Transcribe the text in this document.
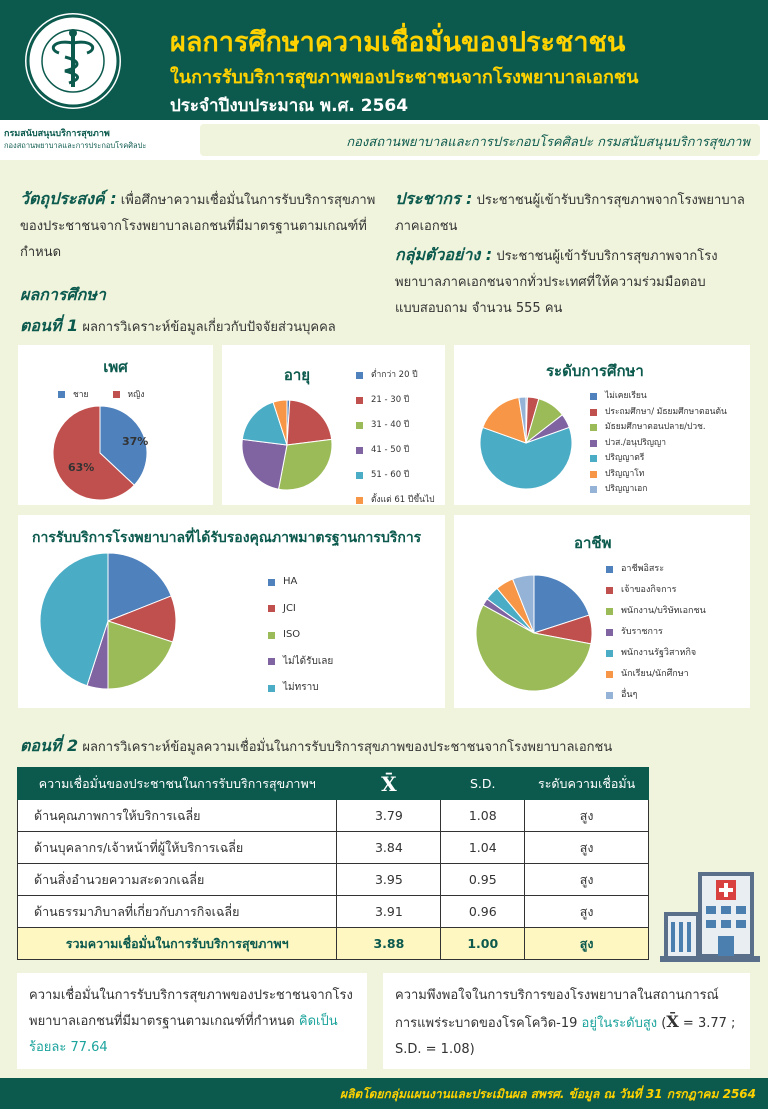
ผลการศึกษาความเชื่อมั่นของประชาชน
ในการรับบริการสุขภาพของประชาชนจากโรงพยาบาลเอกชน
ประจำปีงบประมาณ พ.ศ. 2564
กรมสนับสนุนบริการสุขภาพ
กองสถานพยาบาลและการประกอบโรคศิลปะ	กองสถานพยาบาลและการประกอบโรคศิลปะ กรมสนับสนุนบริการสุขภาพ
วัตถุประสงค์ : เพื่อศึกษาความเชื่อมั่นในการรับบริการสุขภาพของประชาชนจากโรงพยาบาลเอกชนที่มีมาตรฐานตามเกณฑ์ที่กำหนด
ประชากร : ประชาชนผู้เข้ารับบริการสุขภาพจากโรงพยาบาลภาคเอกชน
กลุ่มตัวอย่าง : ประชาชนผู้เข้ารับบริการสุขภาพจากโรงพยาบาลภาคเอกชนจากทั่วประเทศที่ให้ความร่วมมือตอบแบบสอบถาม จำนวน 555 คน
ผลการศึกษา
ตอนที่ 1 ผลการวิเคราะห์ข้อมูลเกี่ยวกับปัจจัยส่วนบุคคล
เพศ
ชาย	หญิง
37%
63%
อายุ	ต่ำกว่า 20 ปี
21 - 30 ปี
31 - 40 ปี
41 - 50 ปี
51 - 60 ปี
ตั้งแต่ 61 ปีขึ้นไป
ระดับการศึกษา
ไม่เคยเรียน
ประถมศึกษา/ มัธยมศึกษาตอนต้น
มัธยมศึกษาตอนปลาย/ปวช.
ปวส./อนุปริญญา
ปริญญาตรี
ปริญญาโท
ปริญญาเอก
การรับบริการโรงพยาบาลที่ได้รับรองคุณภาพมาตรฐานการบริการ
HA
JCI
ISO
ไม่ได้รับเลย
ไม่ทราบ
อาชีพ
อาชีพอิสระ
เจ้าของกิจการ
พนักงาน/บริษัทเอกชน
รับราชการ
พนักงานรัฐวิสาหกิจ
นักเรียน/นักศึกษา
อื่นๆ
ตอนที่ 2 ผลการวิเคราะห์ข้อมูลความเชื่อมั่นในการรับบริการสุขภาพของประชาชนจากโรงพยาบาลเอกชน
ความเชื่อมั่นของประชาชนในการรับบริการสุขภาพฯ	X̄	S.D.	ระดับความเชื่อมั่น
ด้านคุณภาพการให้บริการเฉลี่ย	3.79	1.08	สูง
ด้านบุคลากร/เจ้าหน้าที่ผู้ให้บริการเฉลี่ย	3.84	1.04	สูง
ด้านสิ่งอำนวยความสะดวกเฉลี่ย	3.95	0.95	สูง
ด้านธรรมาภิบาลที่เกี่ยวกับภารกิจเฉลี่ย	3.91	0.96	สูง
รวมความเชื่อมั่นในการรับบริการสุขภาพฯ	3.88	1.00	สูง
ความเชื่อมั่นในการรับบริการสุขภาพของประชาชนจากโรงพยาบาลเอกชนที่มีมาตรฐานตามเกณฑ์ที่กำหนด คิดเป็นร้อยละ 77.64
ความพึงพอใจในการบริการของโรงพยาบาลในสถานการณ์การแพร่ระบาดของโรคโควิด-19 อยู่ในระดับสูง (X̄ = 3.77 ; S.D. = 1.08)
ผลิตโดยกลุ่มแผนงานและประเมินผล สพรศ. ข้อมูล ณ วันที่ 31 กรกฎาคม 2564
